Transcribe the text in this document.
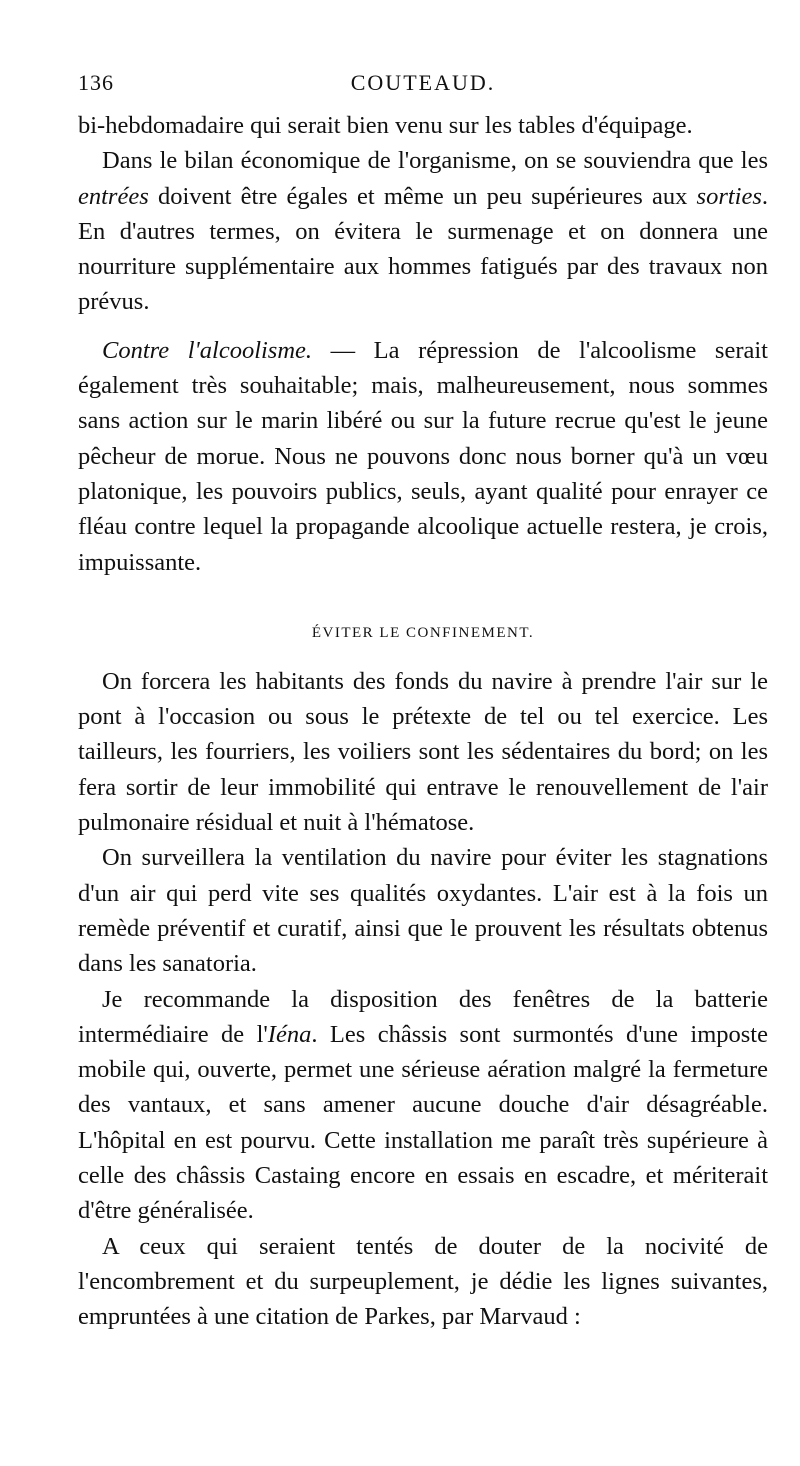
136	COUTEAUD.

bi-hebdomadaire qui serait bien venu sur les tables d'équipage.

Dans le bilan économique de l'organisme, on se souviendra que les entrées doivent être égales et même un peu supérieures aux sorties. En d'autres termes, on évitera le surmenage et on donnera une nourriture supplémentaire aux hommes fatigués par des travaux non prévus.

Contre l'alcoolisme. — La répression de l'alcoolisme serait également très souhaitable; mais, malheureusement, nous sommes sans action sur le marin libéré ou sur la future recrue qu'est le jeune pêcheur de morue. Nous ne pouvons donc nous borner qu'à un vœu platonique, les pouvoirs publics, seuls, ayant qualité pour enrayer ce fléau contre lequel la propagande alcoolique actuelle restera, je crois, impuissante.

ÉVITER LE CONFINEMENT.

On forcera les habitants des fonds du navire à prendre l'air sur le pont à l'occasion ou sous le prétexte de tel ou tel exercice. Les tailleurs, les fourriers, les voiliers sont les sédentaires du bord; on les fera sortir de leur immobilité qui entrave le renouvellement de l'air pulmonaire résidual et nuit à l'hématose.

On surveillera la ventilation du navire pour éviter les stagnations d'un air qui perd vite ses qualités oxydantes. L'air est à la fois un remède préventif et curatif, ainsi que le prouvent les résultats obtenus dans les sanatoria.

Je recommande la disposition des fenêtres de la batterie intermédiaire de l'Iéna. Les châssis sont surmontés d'une imposte mobile qui, ouverte, permet une sérieuse aération malgré la fermeture des vantaux, et sans amener aucune douche d'air désagréable. L'hôpital en est pourvu. Cette installation me paraît très supérieure à celle des châssis Castaing encore en essais en escadre, et mériterait d'être généralisée.

A ceux qui seraient tentés de douter de la nocivité de l'encombrement et du surpeuplement, je dédie les lignes suivantes, empruntées à une citation de Parkes, par Marvaud :
